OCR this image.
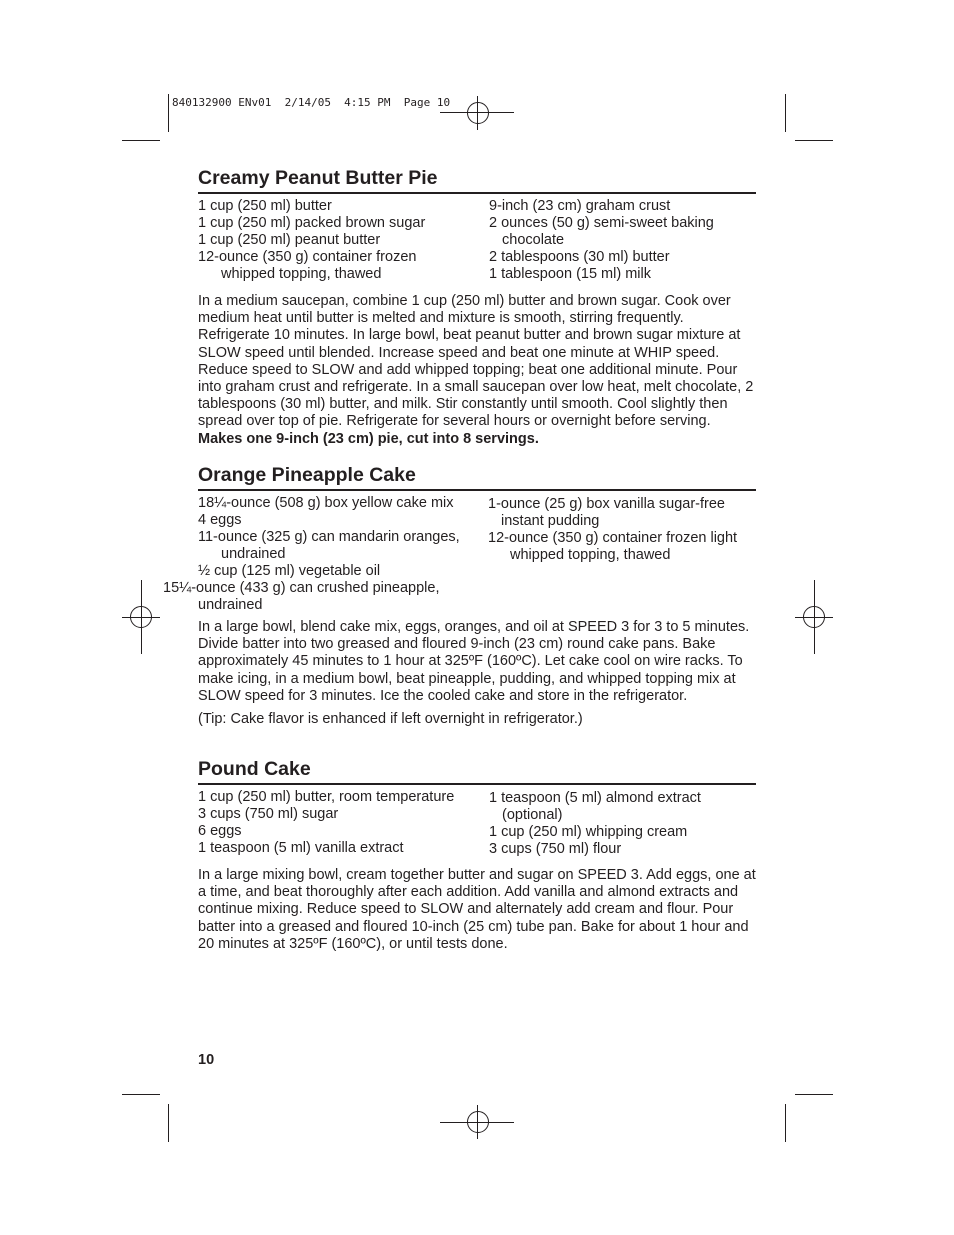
840132900 ENv01  2/14/05  4:15 PM  Page 10
Creamy Peanut Butter Pie
1 cup (250 ml) butter
1 cup (250 ml) packed brown sugar
1 cup (250 ml) peanut butter
12-ounce (350 g) container frozen whipped topping, thawed
9-inch (23 cm) graham crust
2 ounces (50 g) semi-sweet baking chocolate
2 tablespoons (30 ml) butter
1 tablespoon (15 ml) milk

In a medium saucepan, combine 1 cup (250 ml) butter and brown sugar. Cook over medium heat until butter is melted and mixture is smooth, stirring frequently. Refrigerate 10 minutes. In large bowl, beat peanut butter and brown sugar mixture at SLOW speed until blended. Increase speed and beat one minute at WHIP speed. Reduce speed to SLOW and add whipped topping; beat one additional minute. Pour into graham crust and refrigerate. In a small saucepan over low heat, melt chocolate, 2 tablespoons (30 ml) butter, and milk. Stir constantly until smooth. Cool slightly then spread over top of pie. Refrigerate for several hours or overnight before serving. Makes one 9-inch (23 cm) pie, cut into 8 servings.

Orange Pineapple Cake
18¼-ounce (508 g) box yellow cake mix
4 eggs
11-ounce (325 g) can mandarin oranges, undrained
½ cup (125 ml) vegetable oil
15¼-ounce (433 g) can crushed pineapple, undrained
1-ounce (25 g) box vanilla sugar-free instant pudding
12-ounce (350 g) container frozen light whipped topping, thawed

In a large bowl, blend cake mix, eggs, oranges, and oil at SPEED 3 for 3 to 5 minutes. Divide batter into two greased and floured 9-inch (23 cm) round cake pans. Bake approximately 45 minutes to 1 hour at 325ºF (160ºC). Let cake cool on wire racks. To make icing, in a medium bowl, beat pineapple, pudding, and whipped topping mix at SLOW speed for 3 minutes. Ice the cooled cake and store in the refrigerator.

(Tip: Cake flavor is enhanced if left overnight in refrigerator.)

Pound Cake
1 cup (250 ml) butter, room temperature
3 cups (750 ml) sugar
6 eggs
1 teaspoon (5 ml) vanilla extract
1 teaspoon (5 ml) almond extract (optional)
1 cup (250 ml) whipping cream
3 cups (750 ml) flour

In a large mixing bowl, cream together butter and sugar on SPEED 3. Add eggs, one at a time, and beat thoroughly after each addition. Add vanilla and almond extracts and continue mixing. Reduce speed to SLOW and alternately add cream and flour. Pour batter into a greased and floured 10-inch (25 cm) tube pan. Bake for about 1 hour and 20 minutes at 325ºF (160ºC), or until tests done.

10
